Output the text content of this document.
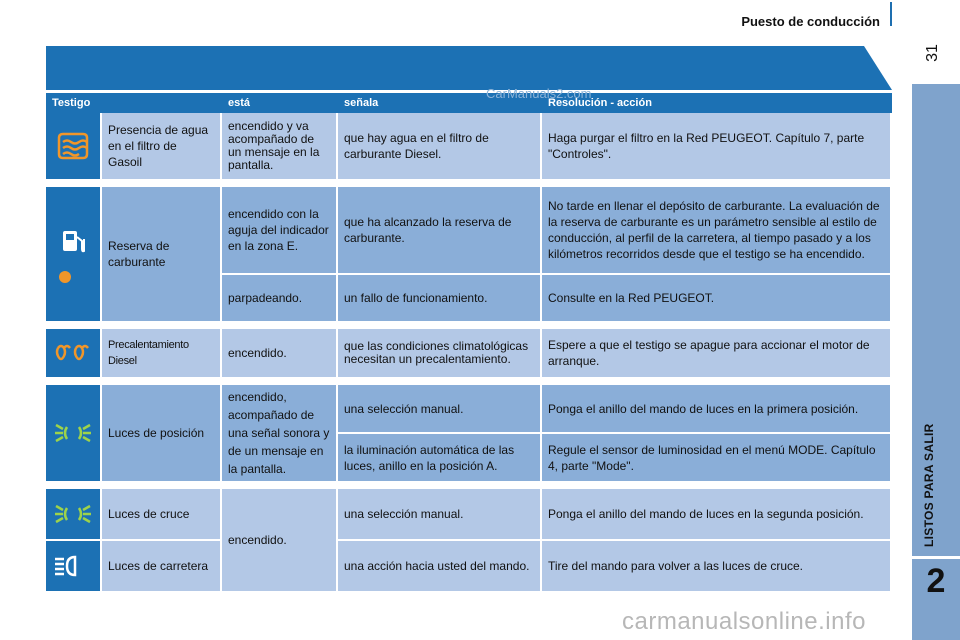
Puesto de conducción
31
LISTOS PARA SALIR
2
Testigo		está	señala	Resolución - acción
	Presencia de agua en el filtro de Gasoil	encendido y va acompañado de un mensaje en la pantalla.	que hay agua en el filtro de carburante Diesel.	Haga purgar el filtro en la Red PEUGEOT. Capítulo 7, parte "Controles".

	Reserva de carburante	encendido con la aguja del indicador en la zona E.	que ha alcanzado la reserva de carburante.	No tarde en llenar el depósito de carburante. La evaluación de la reserva de carburante es un parámetro sensible al estilo de conducción, al perfil de la carretera, al tiempo pasado y a los kilómetros recorridos desde que el testigo se ha encendido.
		parpadeando.	un fallo de funcionamiento.	Consulte en la Red PEUGEOT.

	Precalentamiento Diesel	encendido.	que las condiciones climatológicas necesitan un precalentamiento.	Espere a que el testigo se apague para accionar el motor de arranque.

	Luces de posición	encendido, acompañado de una señal sonora y de un mensaje en la pantalla.	una selección manual.	Ponga el anillo del mando de luces en la primera posición.
			la iluminación automática de las luces, anillo en la posición A.	Regule el sensor de luminosidad en el menú MODE. Capítulo 4, parte "Mode".

	Luces de cruce	encendido.	una selección manual.	Ponga el anillo del mando de luces en la segunda posición.
	Luces de carretera		una acción hacia usted del mando.	Tire del mando para volver a las luces de cruce.
CarManuals2.com
carmanualsonline.info
